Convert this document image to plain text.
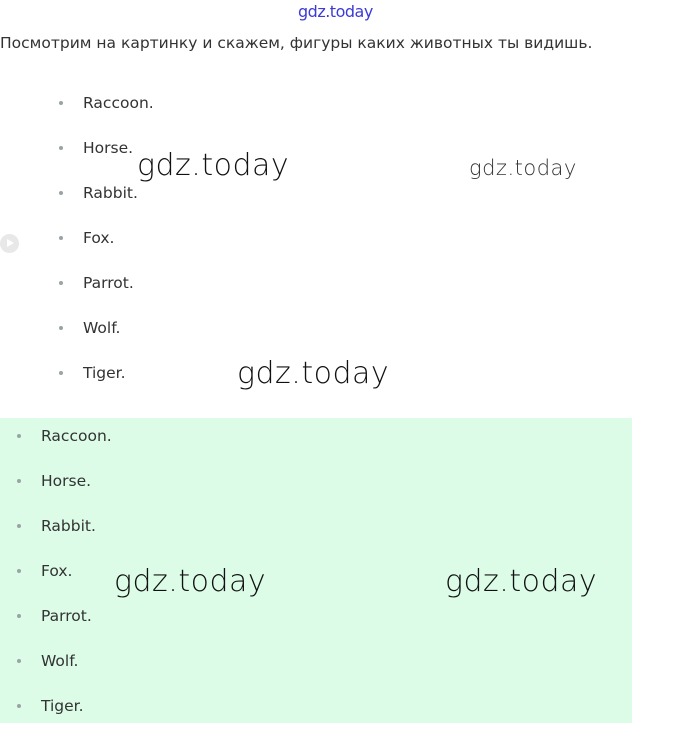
gdz.today
Посмотрим на картинку и скажем, фигуры каких животных ты видишь.
Raccoon.
Horse.
Rabbit.
Fox.
Parrot.
Wolf.
Tiger.
gdz.today	gdz.today
gdz.today
Raccoon.
Horse.
Rabbit.
Fox.
Parrot.
Wolf.
Tiger.
gdz.today	gdz.today
